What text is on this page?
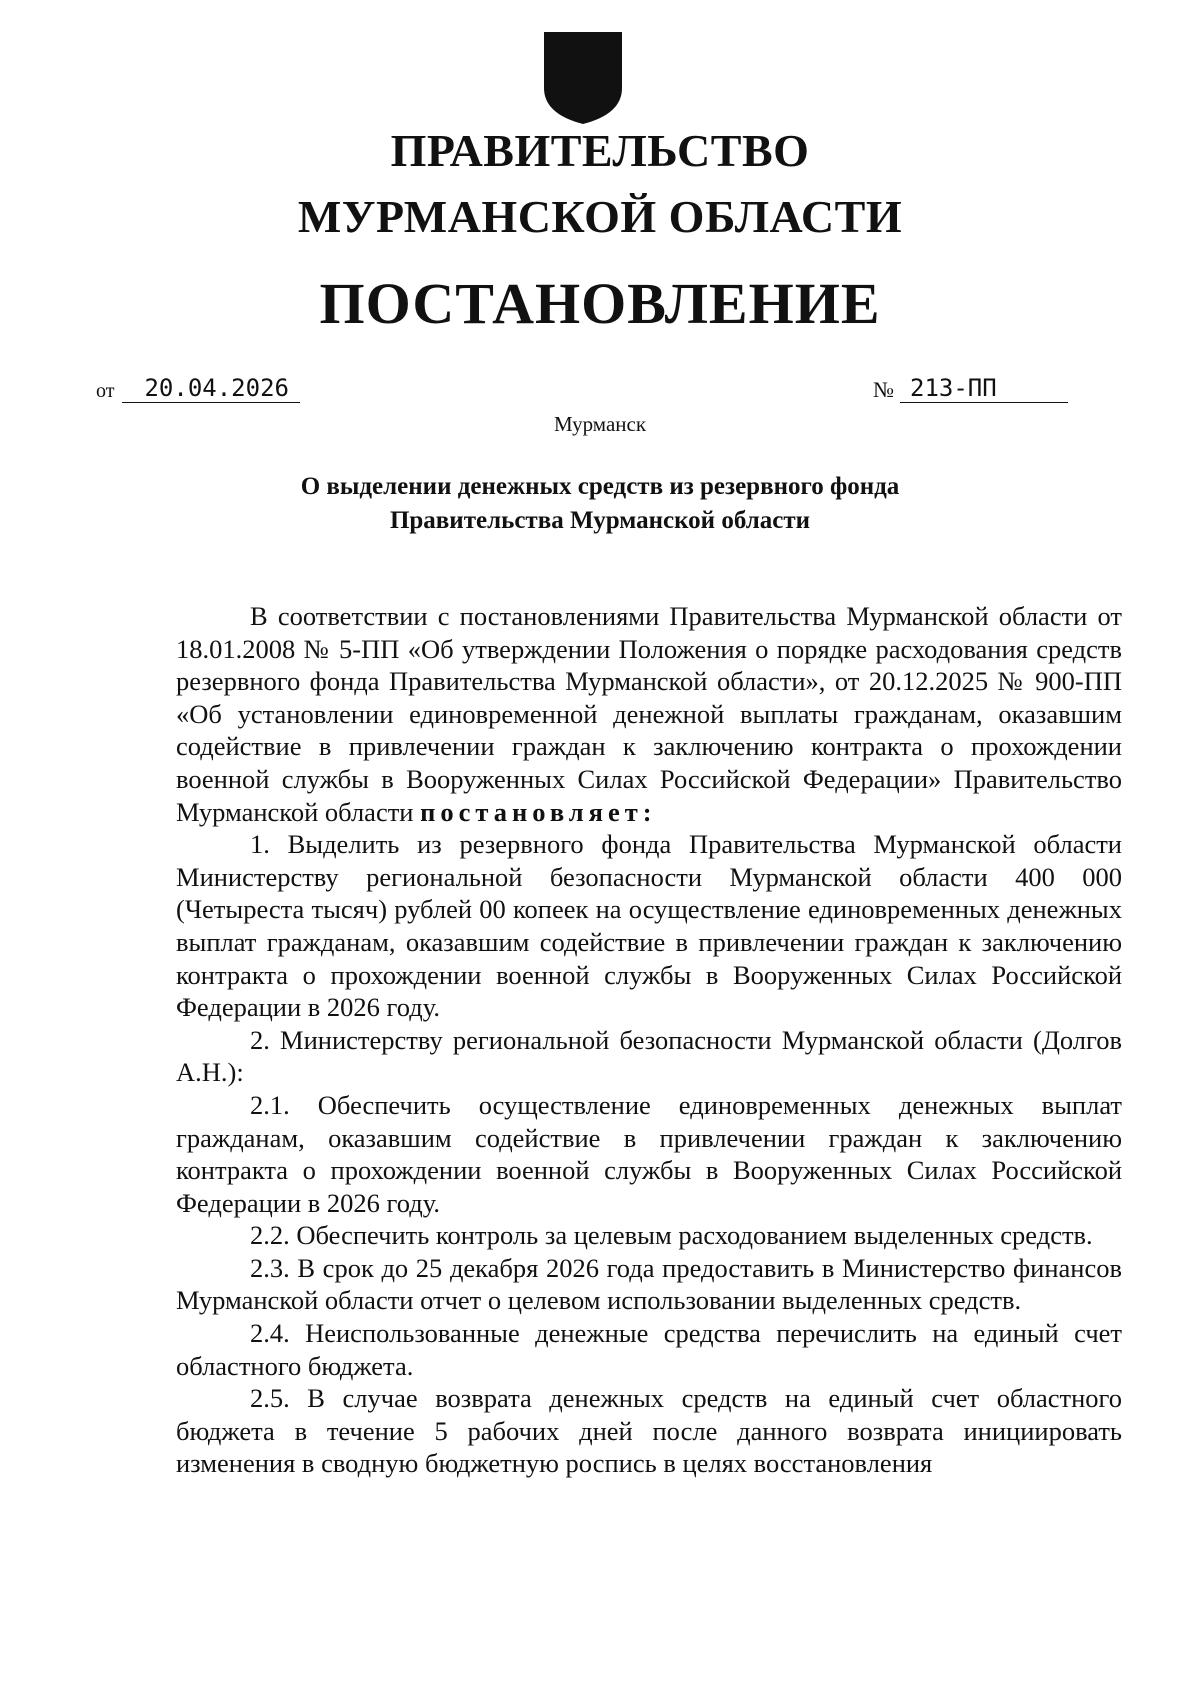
ПРАВИТЕЛЬСТВО
МУРМАНСКОЙ ОБЛАСТИ
ПОСТАНОВЛЕНИЕ
от	20.04.2026	№ 213-ПП
Мурманск
О выделении денежных средств из резервного фонда
Правительства Мурманской области

В соответствии с постановлениями Правительства Мурманской области от 18.01.2008 № 5-ПП «Об утверждении Положения о порядке расходования средств резервного фонда Правительства Мурманской области», от 20.12.2025 № 900-ПП «Об установлении единовременной денежной выплаты гражданам, оказавшим содействие в привлечении граждан к заключению контракта о прохождении военной службы в Вооруженных Силах Российской Федерации» Правительство Мурманской области постановляет:

1. Выделить из резервного фонда Правительства Мурманской области Министерству региональной безопасности Мурманской области 400 000 (Четыреста тысяч) рублей 00 копеек на осуществление единовременных денежных выплат гражданам, оказавшим содействие в привлечении граждан к заключению контракта о прохождении военной службы в Вооруженных Силах Российской Федерации в 2026 году.

2. Министерству региональной безопасности Мурманской области (Долгов А.Н.):

2.1. Обеспечить осуществление единовременных денежных выплат гражданам, оказавшим содействие в привлечении граждан к заключению контракта о прохождении военной службы в Вооруженных Силах Российской Федерации в 2026 году.

2.2. Обеспечить контроль за целевым расходованием выделенных средств.

2.3. В срок до 25 декабря 2026 года предоставить в Министерство финансов Мурманской области отчет о целевом использовании выделенных средств.

2.4. Неиспользованные денежные средства перечислить на единый счет областного бюджета.

2.5. В случае возврата денежных средств на единый счет областного бюджета в течение 5 рабочих дней после данного возврата инициировать изменения в сводную бюджетную роспись в целях восстановления
